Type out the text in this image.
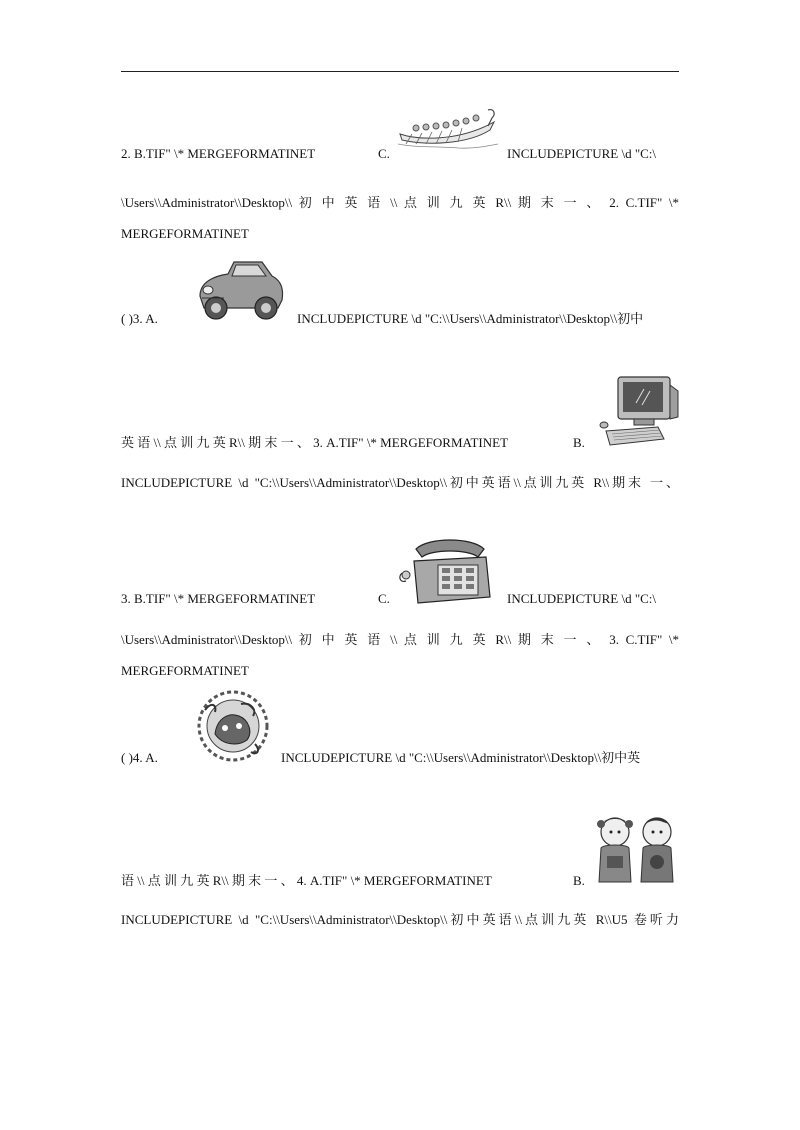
2. B.TIF" \* MERGEFORMATINET	C.	INCLUDEPICTURE \d "C:\
\Users\\Administrator\\Desktop\\ 初 中 英 语 \\ 点 训 九 英 R\\ 期 末 一 、 2. C.TIF" \*
MERGEFORMATINET
( )3. A.	INCLUDEPICTURE \d "C:\\Users\\Administrator\\Desktop\\初中
英 语 \\ 点 训 九 英 R\\ 期 末 一 、 3. A.TIF" \* MERGEFORMATINET	B.
INCLUDEPICTURE \d "C:\\Users\\Administrator\\Desktop\\初中英语\\点训九英 R\\期末 一、
3. B.TIF" \* MERGEFORMATINET	C.	INCLUDEPICTURE \d "C:\
\Users\\Administrator\\Desktop\\ 初 中 英 语 \\ 点 训 九 英 R\\ 期 末 一 、 3. C.TIF" \*
MERGEFORMATINET
( )4. A.	INCLUDEPICTURE \d "C:\\Users\\Administrator\\Desktop\\初中英
语 \\ 点 训 九 英 R\\ 期 末 一 、 4. A.TIF" \* MERGEFORMATINET	B.
INCLUDEPICTURE \d "C:\\Users\\Administrator\\Desktop\\初中英语\\点训九英 R\\U5 卷听力
